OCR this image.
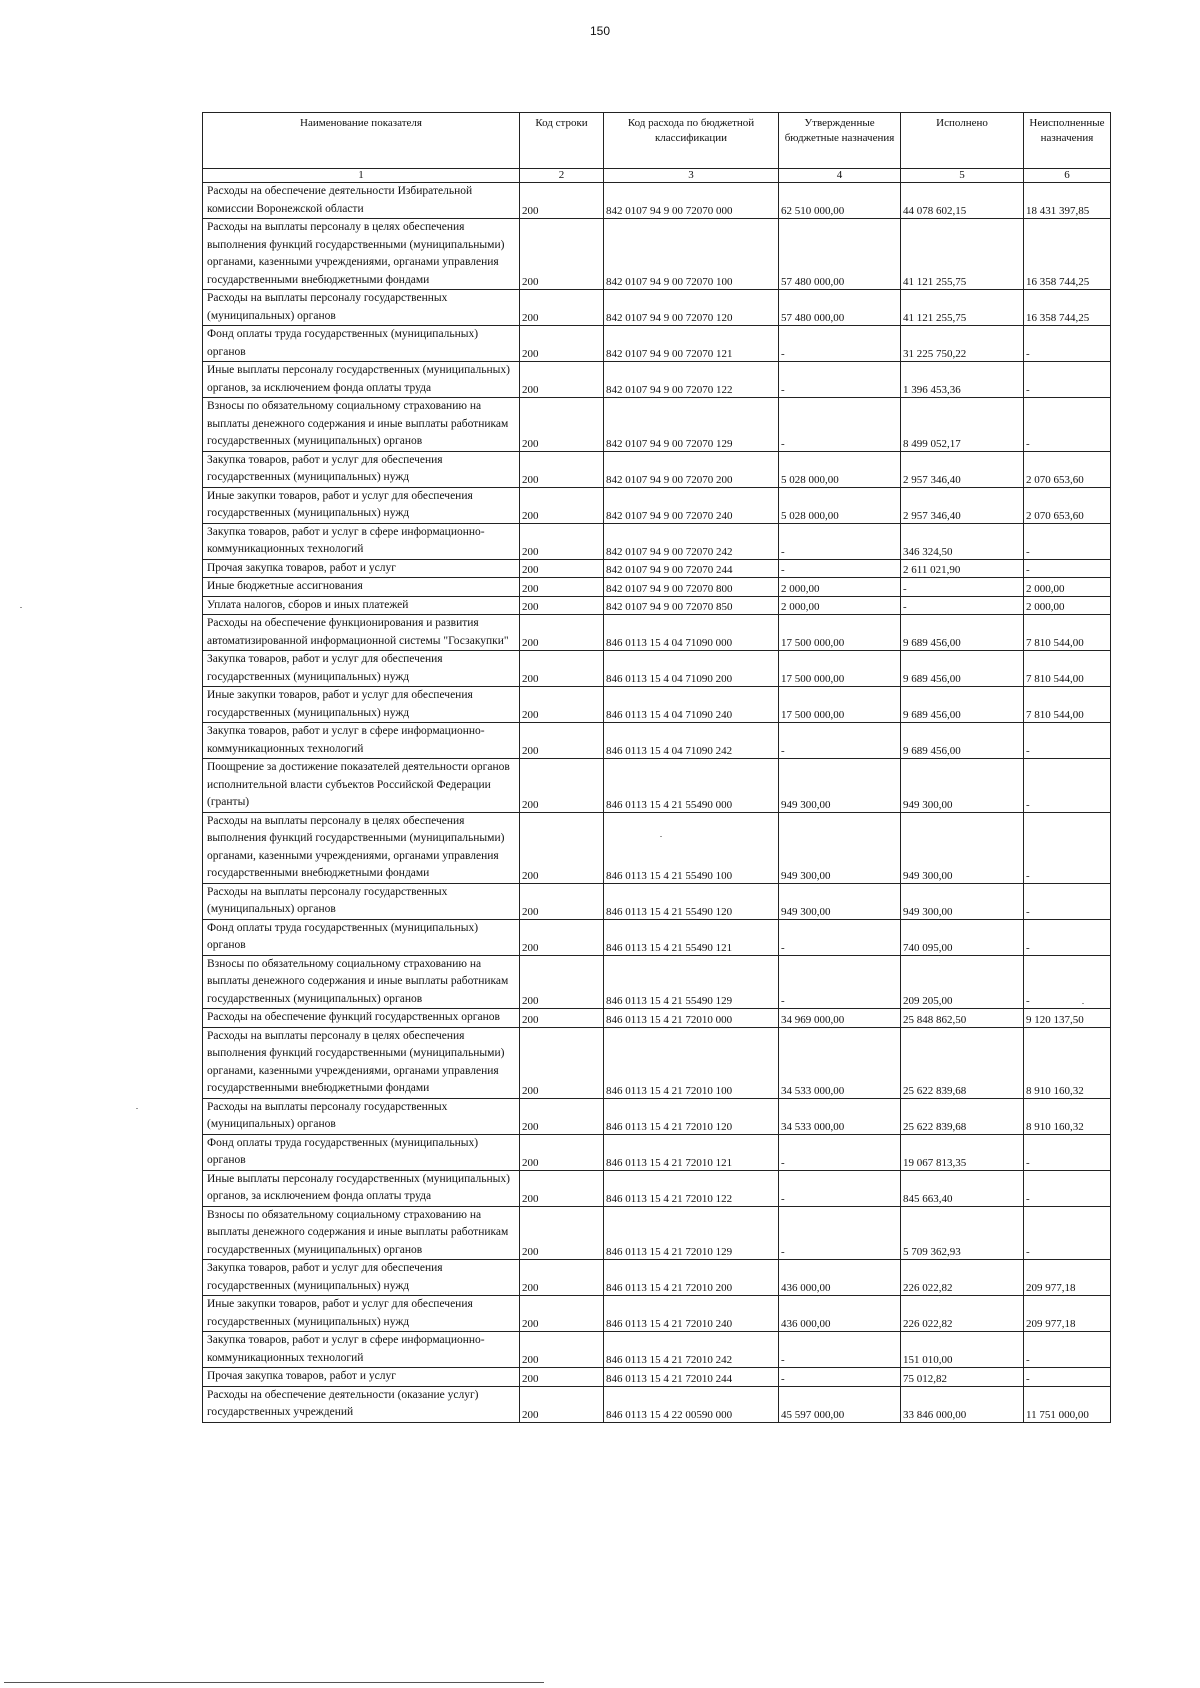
150
Наименование показателя	Код строки	Код расхода по бюджетной классификации	Утвержденные бюджетные назначения	Исполнено	Неисполненные назначения
1	2	3	4	5	6
Расходы на обеспечение деятельности Избирательной комиссии Воронежской области	200	842 0107 94 9 00 72070 000	62 510 000,00	44 078 602,15	18 431 397,85
Расходы на выплаты персоналу в целях обеспечения выполнения функций государственными (муниципальными) органами, казенными учреждениями, органами управления государственными внебюджетными фондами	200	842 0107 94 9 00 72070 100	57 480 000,00	41 121 255,75	16 358 744,25
Расходы на выплаты персоналу государственных (муниципальных) органов	200	842 0107 94 9 00 72070 120	57 480 000,00	41 121 255,75	16 358 744,25
Фонд оплаты труда государственных (муниципальных) органов	200	842 0107 94 9 00 72070 121	-	31 225 750,22	-
Иные выплаты персоналу государственных (муниципальных) органов, за исключением фонда оплаты труда	200	842 0107 94 9 00 72070 122	-	1 396 453,36	-
Взносы по обязательному социальному страхованию на выплаты денежного содержания и иные выплаты работникам государственных (муниципальных) органов	200	842 0107 94 9 00 72070 129	-	8 499 052,17	-
Закупка товаров, работ и услуг для обеспечения государственных (муниципальных) нужд	200	842 0107 94 9 00 72070 200	5 028 000,00	2 957 346,40	2 070 653,60
Иные закупки товаров, работ и услуг для обеспечения государственных (муниципальных) нужд	200	842 0107 94 9 00 72070 240	5 028 000,00	2 957 346,40	2 070 653,60
Закупка товаров, работ и услуг в сфере информационно-коммуникационных технологий	200	842 0107 94 9 00 72070 242	-	346 324,50	-
Прочая закупка товаров, работ и услуг	200	842 0107 94 9 00 72070 244	-	2 611 021,90	-
Иные бюджетные ассигнования	200	842 0107 94 9 00 72070 800	2 000,00	-	2 000,00
Уплата налогов, сборов и иных платежей	200	842 0107 94 9 00 72070 850	2 000,00	-	2 000,00
Расходы на обеспечение функционирования и развития автоматизированной информационной системы "Госзакупки"	200	846 0113 15 4 04 71090 000	17 500 000,00	9 689 456,00	7 810 544,00
Закупка товаров, работ и услуг для обеспечения государственных (муниципальных) нужд	200	846 0113 15 4 04 71090 200	17 500 000,00	9 689 456,00	7 810 544,00
Иные закупки товаров, работ и услуг для обеспечения государственных (муниципальных) нужд	200	846 0113 15 4 04 71090 240	17 500 000,00	9 689 456,00	7 810 544,00
Закупка товаров, работ и услуг в сфере информационно-коммуникационных технологий	200	846 0113 15 4 04 71090 242	-	9 689 456,00	-
Поощрение за достижение показателей деятельности органов исполнительной власти субъектов Российской Федерации (гранты)	200	846 0113 15 4 21 55490 000	949 300,00	949 300,00	-
Расходы на выплаты персоналу в целях обеспечения выполнения функций государственными (муниципальными) органами, казенными учреждениями, органами управления государственными внебюджетными фондами	200	846 0113 15 4 21 55490 100	949 300,00	949 300,00	-
Расходы на выплаты персоналу государственных (муниципальных) органов	200	846 0113 15 4 21 55490 120	949 300,00	949 300,00	-
Фонд оплаты труда государственных (муниципальных) органов	200	846 0113 15 4 21 55490 121	-	740 095,00	-
Взносы по обязательному социальному страхованию на выплаты денежного содержания и иные выплаты работникам государственных (муниципальных) органов	200	846 0113 15 4 21 55490 129	-	209 205,00	-
Расходы на обеспечение функций государственных органов	200	846 0113 15 4 21 72010 000	34 969 000,00	25 848 862,50	9 120 137,50
Расходы на выплаты персоналу в целях обеспечения выполнения функций государственными (муниципальными) органами, казенными учреждениями, органами управления государственными внебюджетными фондами	200	846 0113 15 4 21 72010 100	34 533 000,00	25 622 839,68	8 910 160,32
Расходы на выплаты персоналу государственных (муниципальных) органов	200	846 0113 15 4 21 72010 120	34 533 000,00	25 622 839,68	8 910 160,32
Фонд оплаты труда государственных (муниципальных) органов	200	846 0113 15 4 21 72010 121	-	19 067 813,35	-
Иные выплаты персоналу государственных (муниципальных) органов, за исключением фонда оплаты труда	200	846 0113 15 4 21 72010 122	-	845 663,40	-
Взносы по обязательному социальному страхованию на выплаты денежного содержания и иные выплаты работникам государственных (муниципальных) органов	200	846 0113 15 4 21 72010 129	-	5 709 362,93	-
Закупка товаров, работ и услуг для обеспечения государственных (муниципальных) нужд	200	846 0113 15 4 21 72010 200	436 000,00	226 022,82	209 977,18
Иные закупки товаров, работ и услуг для обеспечения государственных (муниципальных) нужд	200	846 0113 15 4 21 72010 240	436 000,00	226 022,82	209 977,18
Закупка товаров, работ и услуг в сфере информационно-коммуникационных технологий	200	846 0113 15 4 21 72010 242	-	151 010,00	-
Прочая закупка товаров, работ и услуг	200	846 0113 15 4 21 72010 244	-	75 012,82	-
Расходы на обеспечение деятельности (оказание услуг) государственных учреждений	200	846 0113 15 4 22 00590 000	45 597 000,00	33 846 000,00	11 751 000,00
